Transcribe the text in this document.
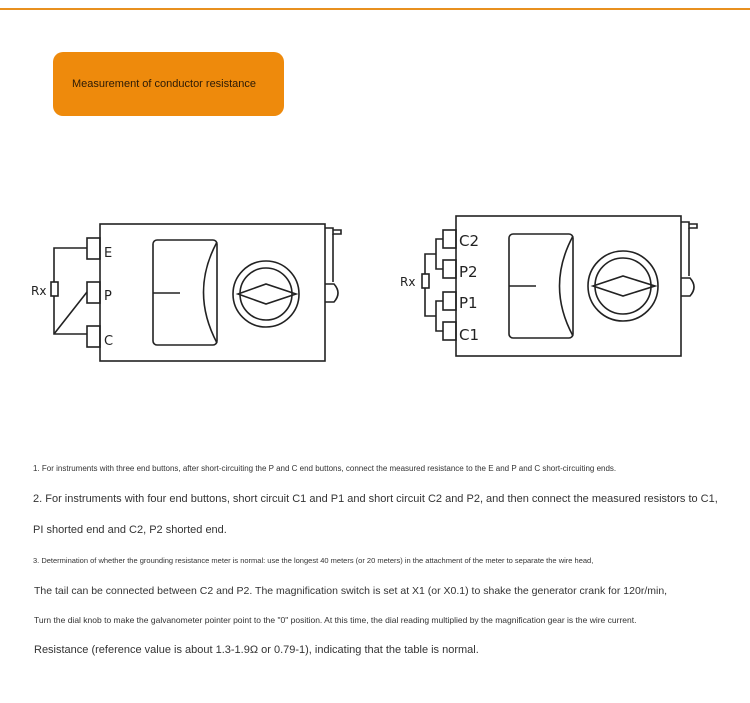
Measurement of conductor resistance
Rx
E
P
C
Rx
C2
P2
P1
C1
1. For instruments with three end buttons, after short-circuiting the P and C end buttons, connect the measured resistance to the E and P and C short-circuiting ends.
2. For instruments with four end buttons, short circuit C1 and P1 and short circuit C2 and P2, and then connect the measured resistors to C1,
PI shorted end and C2, P2 shorted end.
3. Determination of whether the grounding resistance meter is normal: use the longest 40 meters (or 20 meters) in the attachment of the meter to separate the wire head,
The tail can be connected between C2 and P2. The magnification switch is set at X1 (or X0.1) to shake the generator crank for 120r/min,
Turn the dial knob to make the galvanometer pointer point to the "0" position. At this time, the dial reading multiplied by the magnification gear is the wire current.
Resistance (reference value is about 1.3-1.9Ω or 0.79-1), indicating that the table is normal.
